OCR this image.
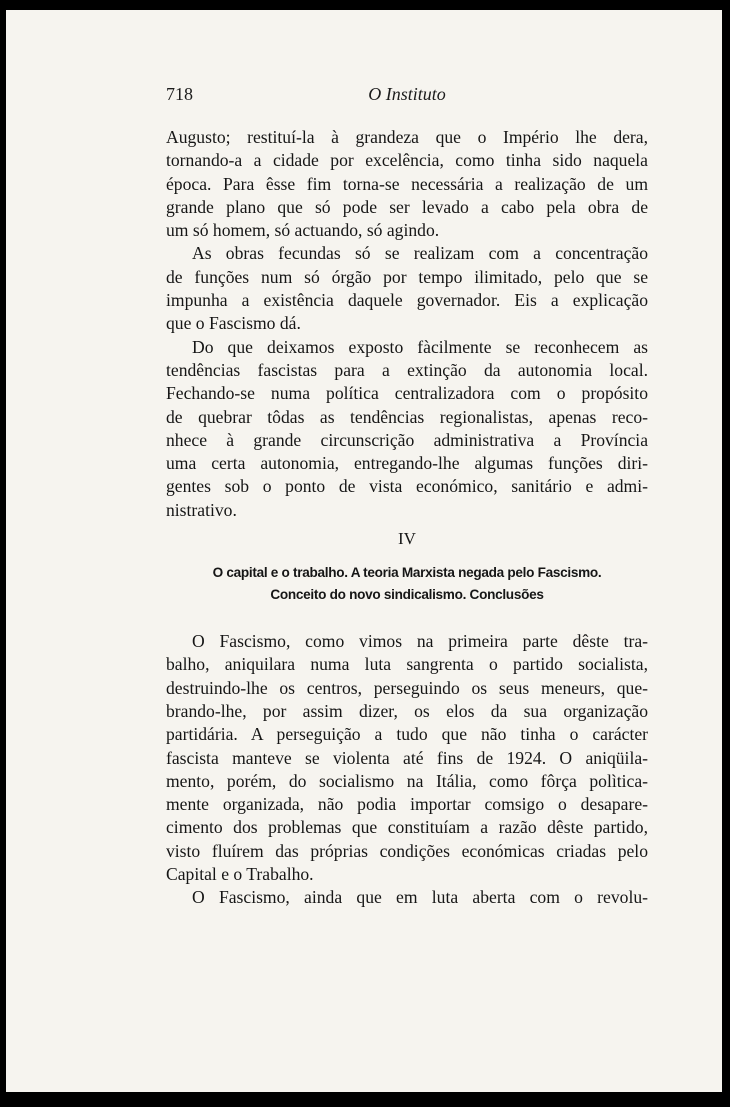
718	O Instituto
Augusto; restituí-la à grandeza que o Império lhe dera,
tornando-a a cidade por excelência, como tinha sido naquela
época. Para êsse fim torna-se necessária a realização de um
grande plano que só pode ser levado a cabo pela obra de
um só homem, só actuando, só agindo.
As obras fecundas só se realizam com a concentração
de funções num só órgão por tempo ilimitado, pelo que se
impunha a existência daquele governador. Eis a explicação
que o Fascismo dá.
Do que deixamos exposto fàcilmente se reconhecem as
tendências fascistas para a extinção da autonomia local.
Fechando-se numa política centralizadora com o propósito
de quebrar tôdas as tendências regionalistas, apenas reco-
nhece à grande circunscrição administrativa a Província
uma certa autonomia, entregando-lhe algumas funções diri-
gentes sob o ponto de vista económico, sanitário e admi-
nistrativo.
IV
O capital e o trabalho. A teoria Marxista negada pelo Fascismo.
Conceito do novo sindicalismo. Conclusões
O Fascismo, como vimos na primeira parte dêste tra-
balho, aniquilara numa luta sangrenta o partido socialista,
destruindo-lhe os centros, perseguindo os seus meneurs, que-
brando-lhe, por assim dizer, os elos da sua organização
partidária. A perseguição a tudo que não tinha o carácter
fascista manteve se violenta até fins de 1924. O aniqüila-
mento, porém, do socialismo na Itália, como fôrça polìtica-
mente organizada, não podia importar comsigo o desapare-
cimento dos problemas que constituíam a razão dêste partido,
visto fluírem das próprias condições económicas criadas pelo
Capital e o Trabalho.
O Fascismo, ainda que em luta aberta com o revolu-
